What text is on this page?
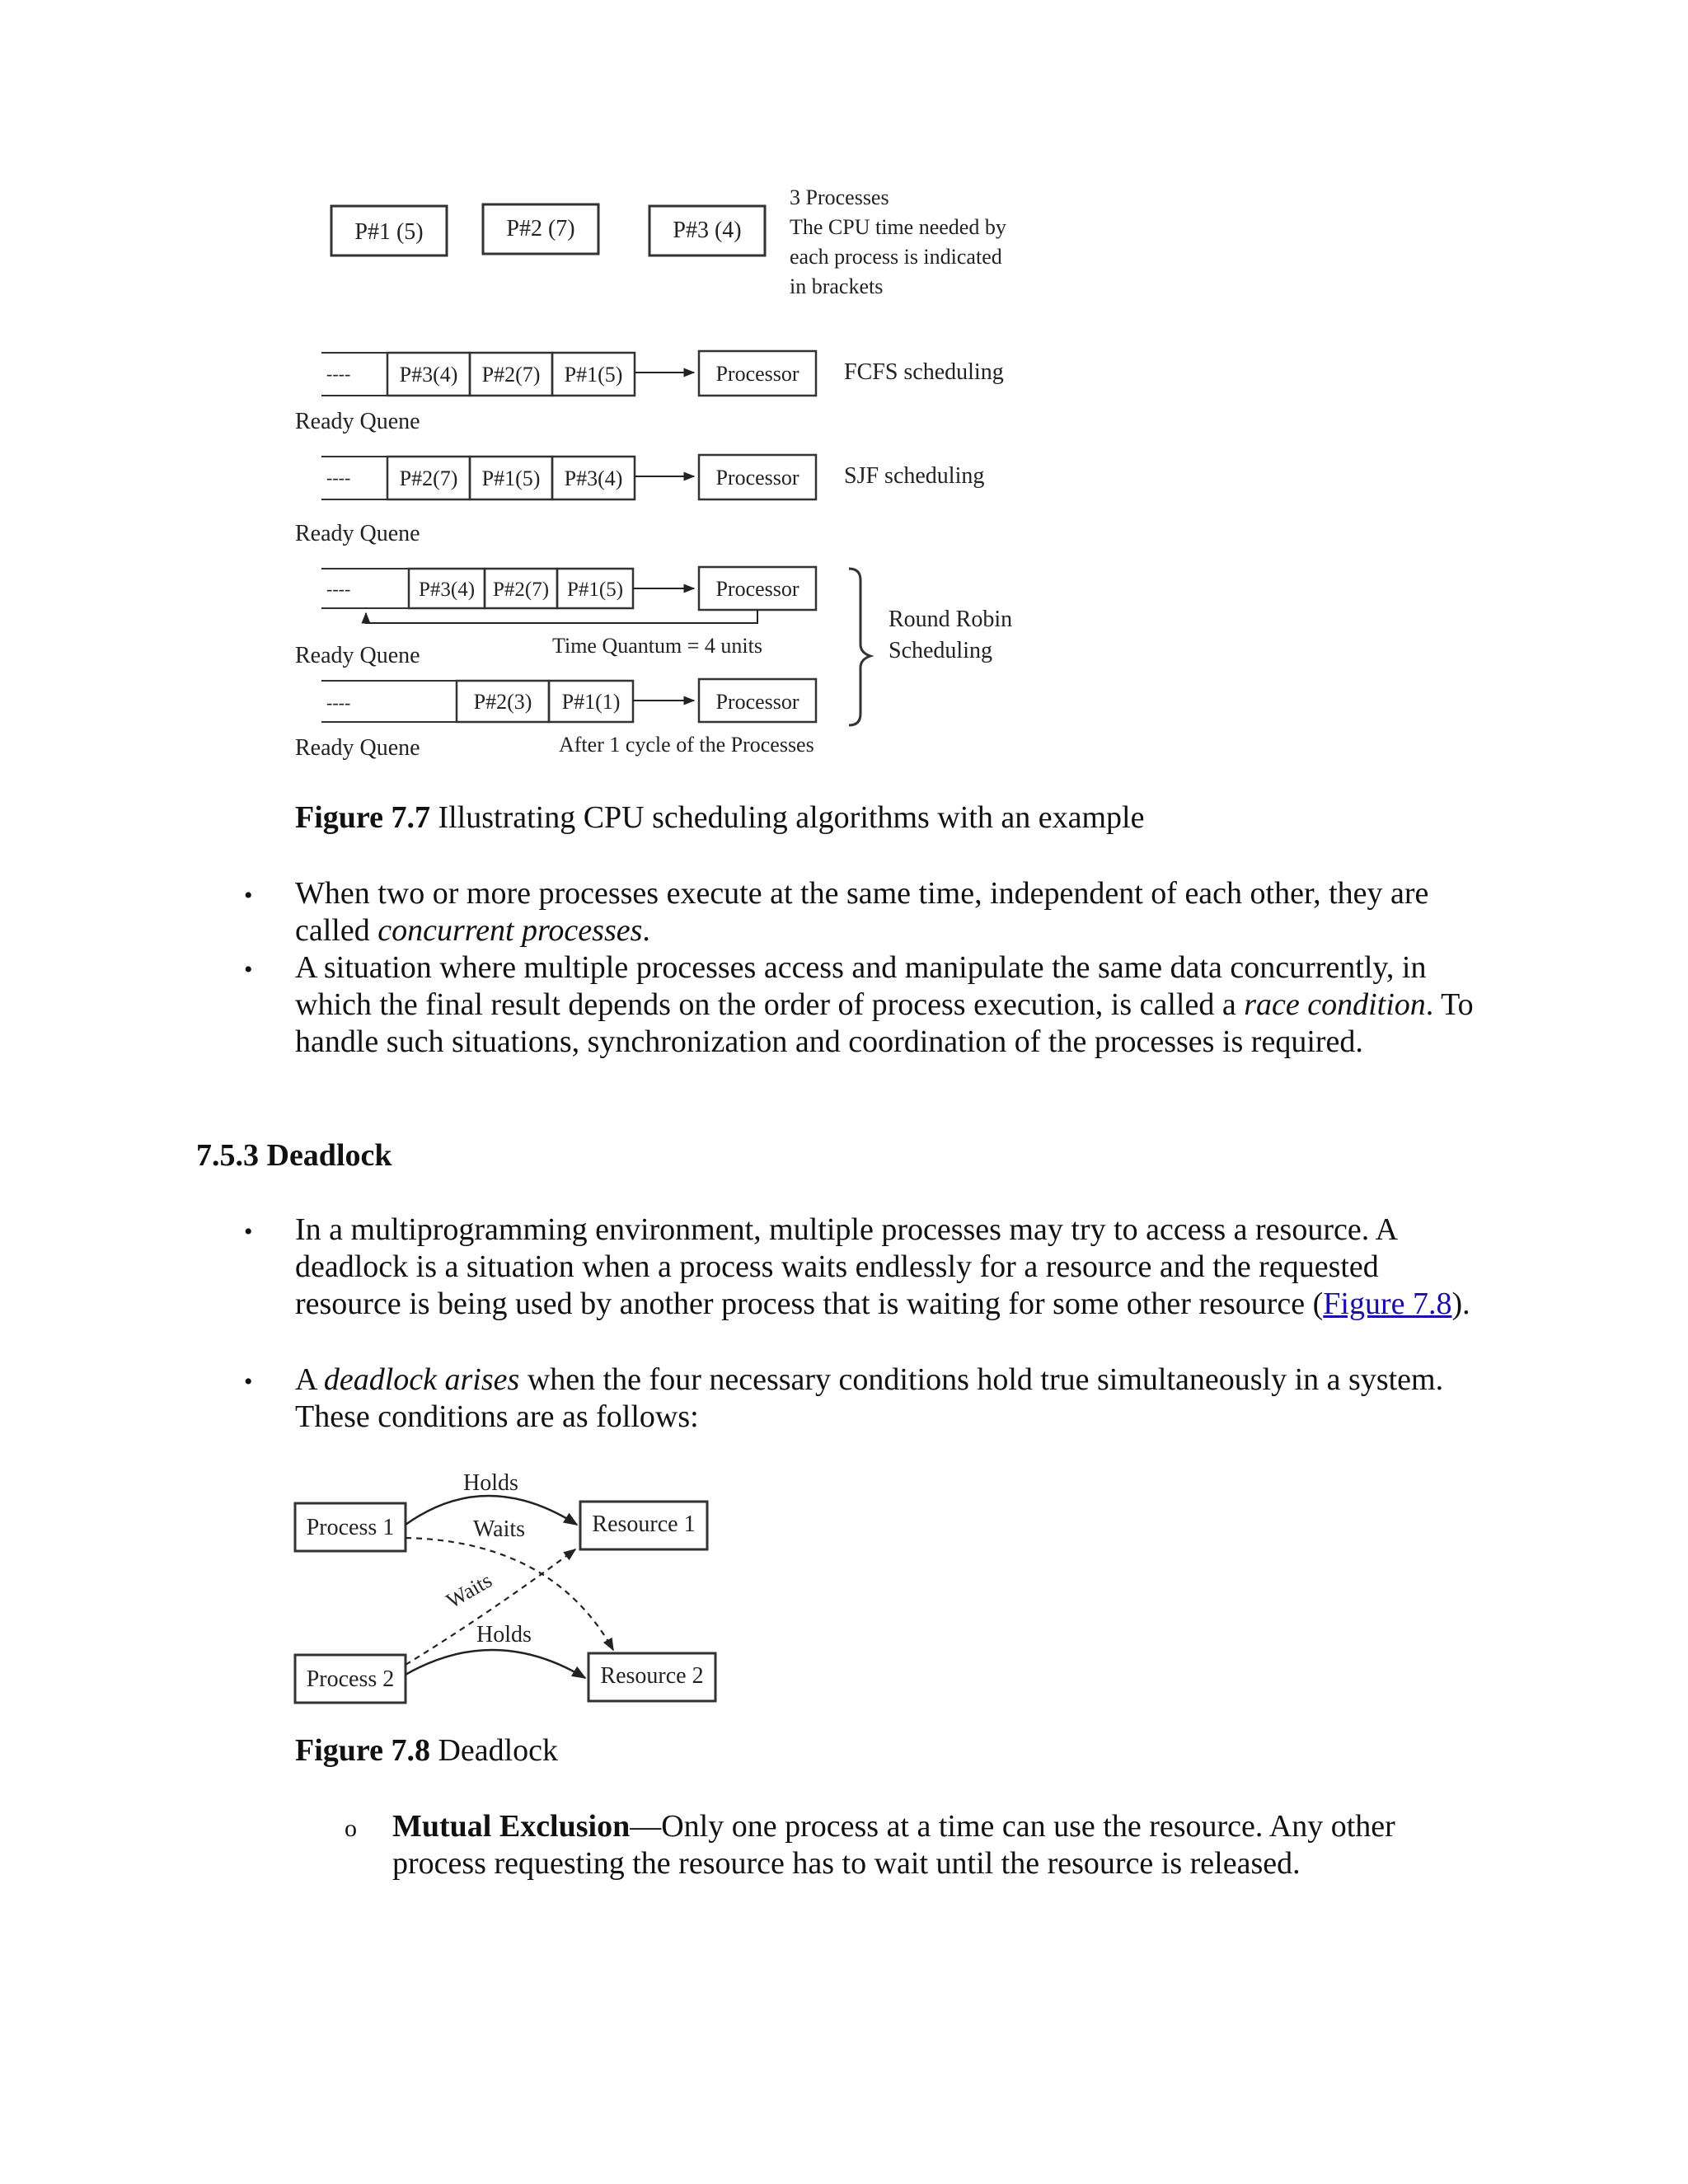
P#1 (5)	P#2 (7)	P#3 (4)
3 Processes
The CPU time needed by
each process is indicated
in brackets
---- P#3(4) P#2(7) P#1(5)	Processor FCFS scheduling
Ready Quene
---- P#2(7) P#1(5) P#3(4)	Processor SJF scheduling
Ready Quene
----	P#3(4) P#2(7) P#1(5)	Processor
Ready Quene	Time Quantum = 4 units
----	P#2(3) P#1(1)	Processor
Ready Quene	After 1 cycle of the Processes
Round Robin
Scheduling
Figure 7.7 Illustrating CPU scheduling algorithms with an example
• When two or more processes execute at the same time, independent of each other, they are called concurrent processes.
• A situation where multiple processes access and manipulate the same data concurrently, in which the final result depends on the order of process execution, is called a race condition. To handle such situations, synchronization and coordination of the processes is required.
7.5.3 Deadlock
• In a multiprogramming environment, multiple processes may try to access a resource. A deadlock is a situation when a process waits endlessly for a resource and the requested resource is being used by another process that is waiting for some other resource (Figure 7.8).
• A deadlock arises when the four necessary conditions hold true simultaneously in a system. These conditions are as follows:
Process 1	Resource 1
Process 2	Resource 2
Holds
Waits
Waits
Holds
Figure 7.8 Deadlock
o Mutual Exclusion—Only one process at a time can use the resource. Any other process requesting the resource has to wait until the resource is released.
